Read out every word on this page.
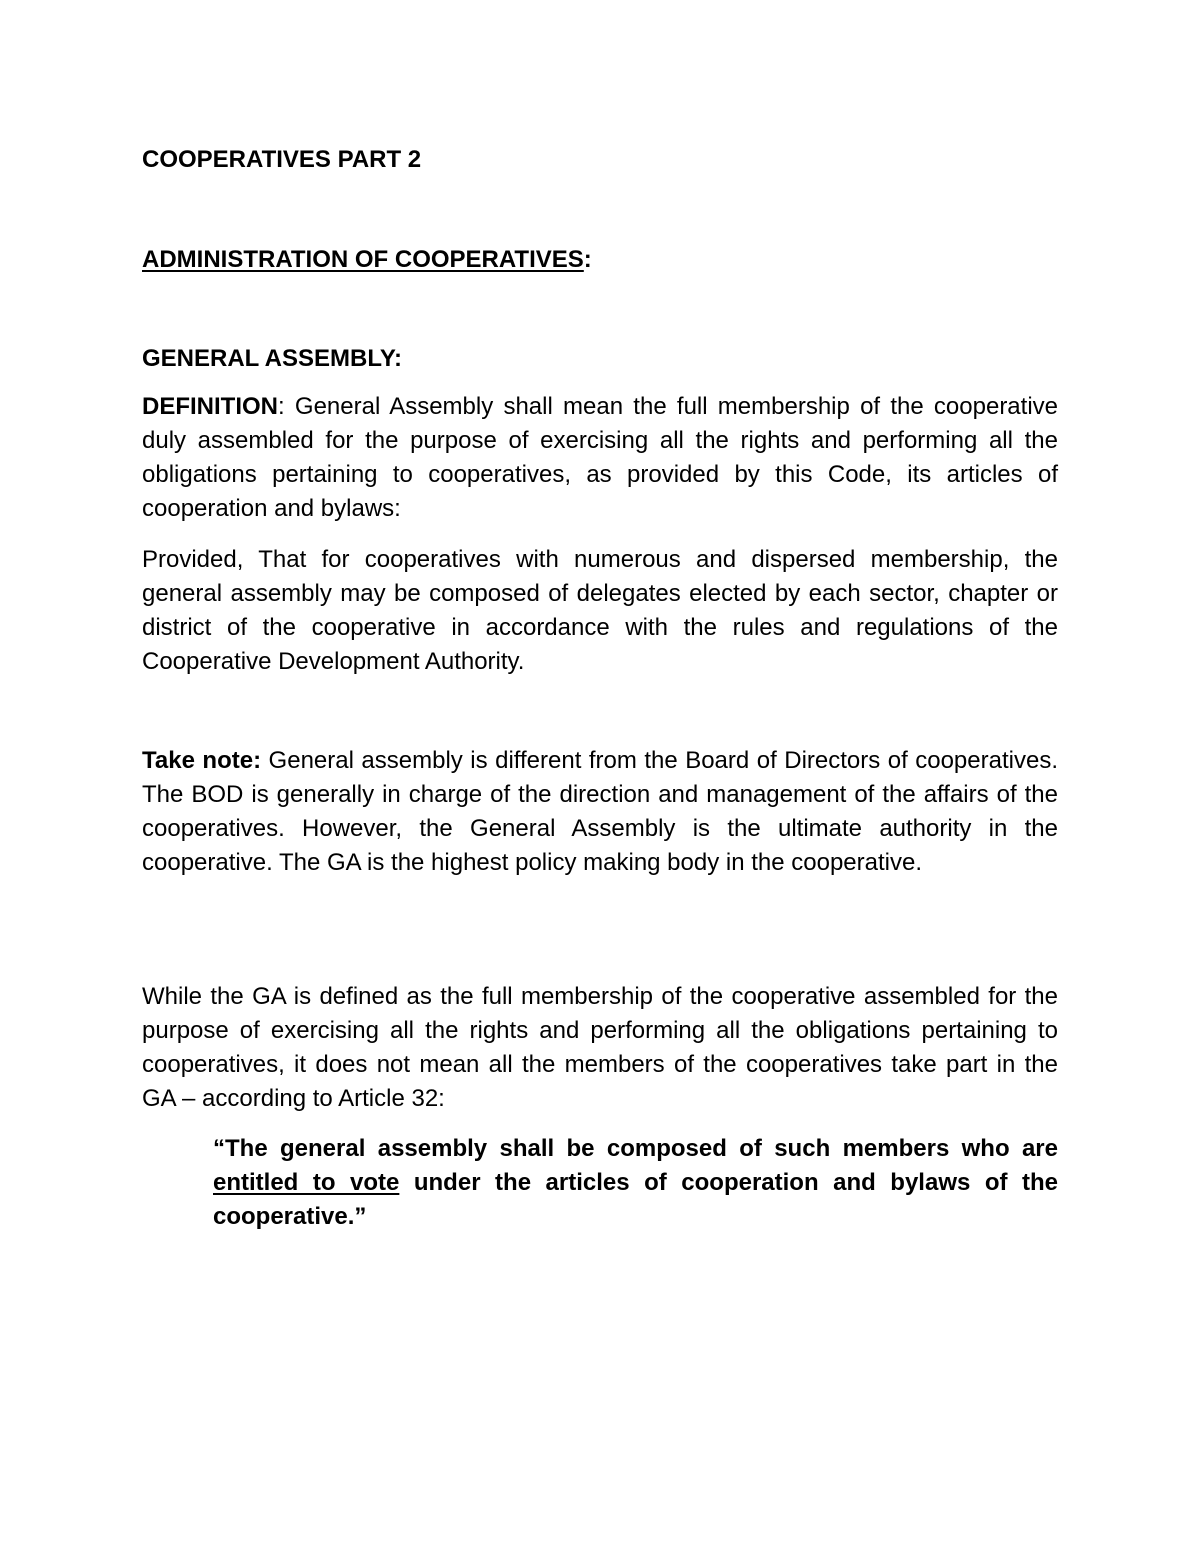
COOPERATIVES PART 2

ADMINISTRATION OF COOPERATIVES:

GENERAL ASSEMBLY:

DEFINITION: General Assembly shall mean the full membership of the cooperative duly assembled for the purpose of exercising all the rights and performing all the obligations pertaining to cooperatives, as provided by this Code, its articles of cooperation and bylaws:

Provided, That for cooperatives with numerous and dispersed membership, the general assembly may be composed of delegates elected by each sector, chapter or district of the cooperative in accordance with the rules and regulations of the Cooperative Development Authority.

Take note: General assembly is different from the Board of Directors of cooperatives. The BOD is generally in charge of the direction and management of the affairs of the cooperatives. However, the General Assembly is the ultimate authority in the cooperative. The GA is the highest policy making body in the cooperative.

While the GA is defined as the full membership of the cooperative assembled for the purpose of exercising all the rights and performing all the obligations pertaining to cooperatives, it does not mean all the members of the cooperatives take part in the GA – according to Article 32:

“The general assembly shall be composed of such members who are entitled to vote under the articles of cooperation and bylaws of the cooperative.”
